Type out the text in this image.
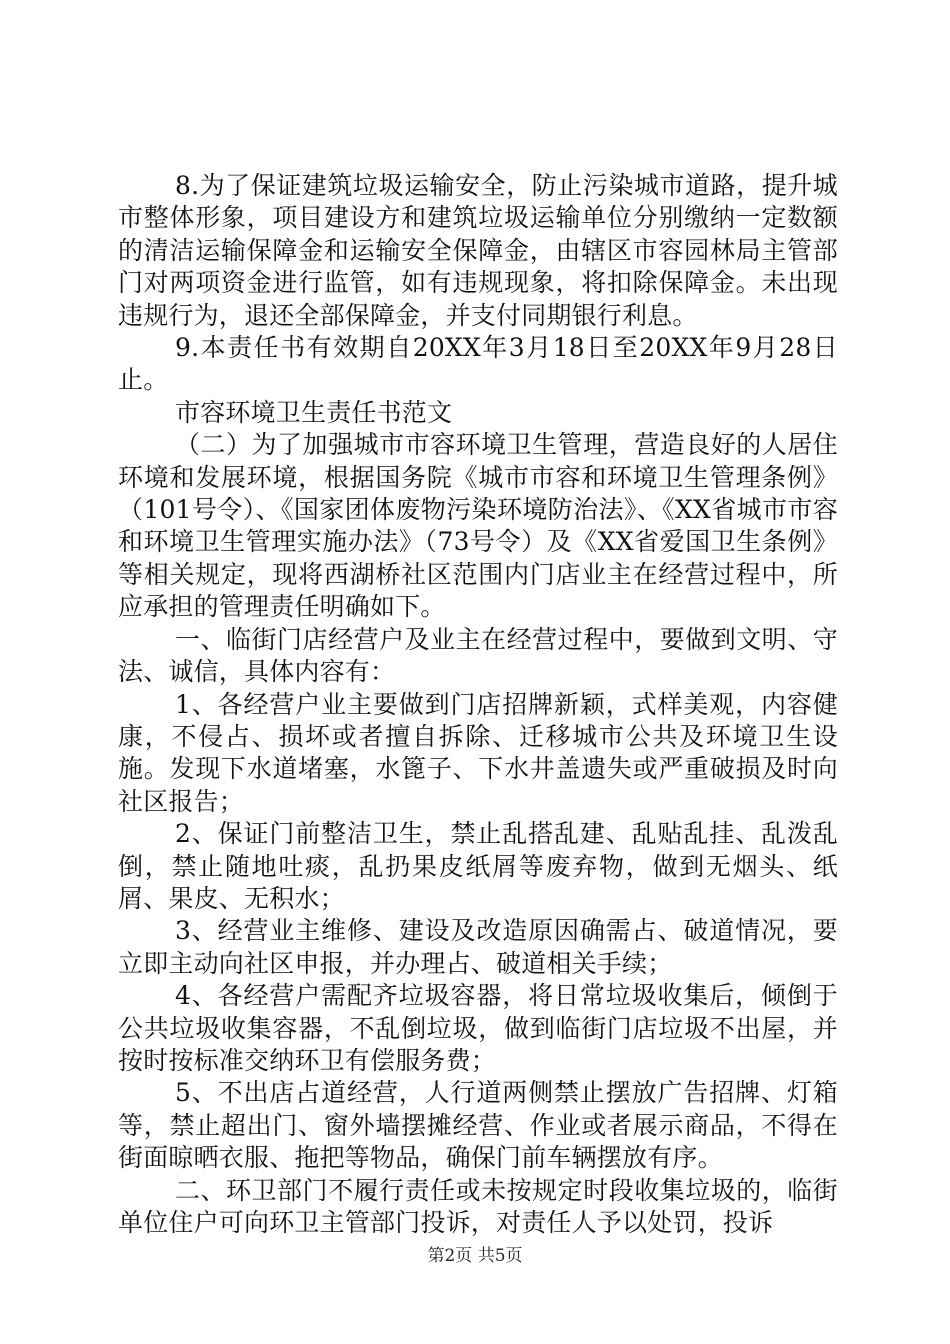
8.为了保证建筑垃圾运输安全，防止污染城市道路，提升城市整体形象，项目建设方和建筑垃圾运输单位分别缴纳一定数额的清洁运输保障金和运输安全保障金，由辖区市容园林局主管部门对两项资金进行监管，如有违规现象，将扣除保障金。未出现违规行为，退还全部保障金，并支付同期银行利息。

9.本责任书有效期自20XX年3月18日至20XX年9月28日止。

市容环境卫生责任书范文

（二）为了加强城市市容环境卫生管理，营造良好的人居住环境和发展环境，根据国务院《城市市容和环境卫生管理条例》（101号令）、《国家团体废物污染环境防治法》、《XX省城市市容和环境卫生管理实施办法》（73号令）及《XX省爱国卫生条例》等相关规定，现将西湖桥社区范围内门店业主在经营过程中，所应承担的管理责任明确如下。

一、临街门店经营户及业主在经营过程中，要做到文明、守法、诚信，具体内容有：

1、各经营户业主要做到门店招牌新颖，式样美观，内容健康，不侵占、损坏或者擅自拆除、迁移城市公共及环境卫生设施。发现下水道堵塞，水篦子、下水井盖遗失或严重破损及时向社区报告；

2、保证门前整洁卫生，禁止乱搭乱建、乱贴乱挂、乱泼乱倒，禁止随地吐痰，乱扔果皮纸屑等废弃物，做到无烟头、纸屑、果皮、无积水；

3、经营业主维修、建设及改造原因确需占、破道情况，要立即主动向社区申报，并办理占、破道相关手续；

4、各经营户需配齐垃圾容器，将日常垃圾收集后，倾倒于公共垃圾收集容器，不乱倒垃圾，做到临街门店垃圾不出屋，并按时按标准交纳环卫有偿服务费；

5、不出店占道经营，人行道两侧禁止摆放广告招牌、灯箱等，禁止超出门、窗外墙摆摊经营、作业或者展示商品，不得在街面晾晒衣服、拖把等物品，确保门前车辆摆放有序。

二、环卫部门不履行责任或未按规定时段收集垃圾的，临街单位住户可向环卫主管部门投诉，对责任人予以处罚，投诉

第2页 共5页
